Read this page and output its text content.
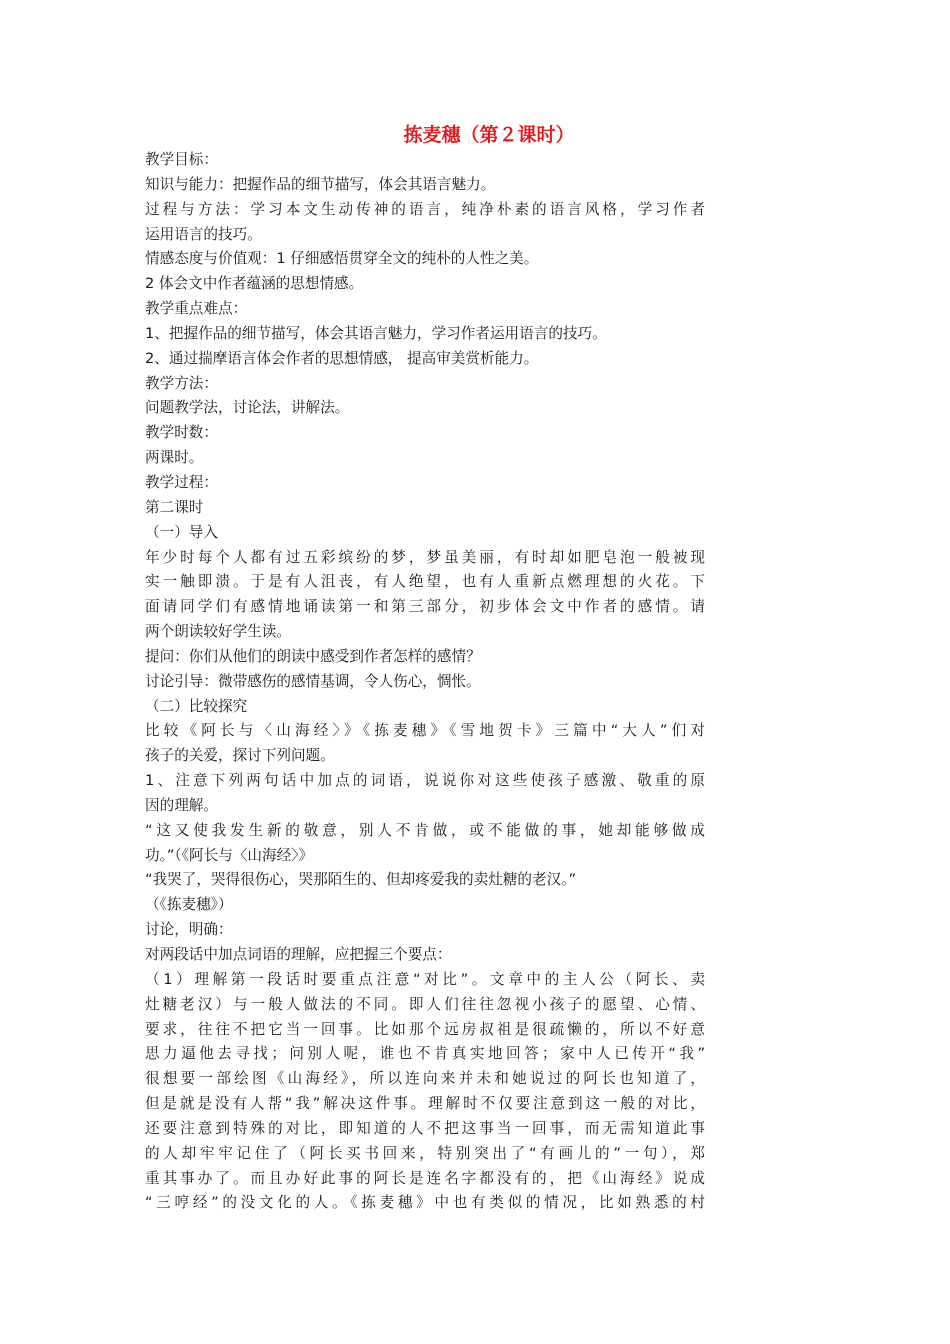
拣麦穗（第２课时）
教学目标：
知识与能力：把握作品的细节描写，体会其语言魅力。
过程与方法：学习本文生动传神的语言，纯净朴素的语言风格，学习作者
运用语言的技巧。
情感态度与价值观：1 仔细感悟贯穿全文的纯朴的人性之美。
2 体会文中作者蕴涵的思想情感。
教学重点难点：
1、把握作品的细节描写，体会其语言魅力，学习作者运用语言的技巧。
2、通过揣摩语言体会作者的思想情感， 提高审美赏析能力。
教学方法：
问题教学法，讨论法，讲解法。
教学时数：
两课时。
教学过程：
第二课时
（一）导入
年少时每个人都有过五彩缤纷的梦，梦虽美丽，有时却如肥皂泡一般被现
实一触即溃。于是有人沮丧，有人绝望，也有人重新点燃理想的火花。下
面请同学们有感情地诵读第一和第三部分，初步体会文中作者的感情。请
两个朗读较好学生读。
提问：你们从他们的朗读中感受到作者怎样的感情？
讨论引导：微带感伤的感情基调，令人伤心，惆怅。
（二）比较探究
比较《阿长与〈山海经〉》《拣麦穗》《雪地贺卡》三篇中“大人”们对
孩子的关爱，探讨下列问题。
1、注意下列两句话中加点的词语，说说你对这些使孩子感激、敬重的原
因的理解。
“这又使我发生新的敬意，别人不肯做，或不能做的事，她却能够做成
功。”（《阿长与〈山海经〉》
“我哭了，哭得很伤心，哭那陌生的、但却疼爱我的卖灶糖的老汉。”
（《拣麦穗》）
讨论，明确：
对两段话中加点词语的理解，应把握三个要点：
（1）理解第一段话时要重点注意“对比”。文章中的主人公（阿长、卖
灶糖老汉）与一般人做法的不同。即人们往往忽视小孩子的愿望、心情、
要求，往往不把它当一回事。比如那个远房叔祖是很疏懒的，所以不好意
思力逼他去寻找；问别人呢，谁也不肯真实地回答；家中人已传开“我”
很想要一部绘图《山海经》，所以连向来并未和她说过的阿长也知道了，
但是就是没有人帮“我”解决这件事。理解时不仅要注意到这一般的对比，
还要注意到特殊的对比，即知道的人不把这事当一回事，而无需知道此事
的人却牢牢记住了（阿长买书回来，特别突出了“有画儿的”一句），郑
重其事办了。而且办好此事的阿长是连名字都没有的，把《山海经》说成
“三哼经”的没文化的人。《拣麦穗》中也有类似的情况，比如熟悉的村
